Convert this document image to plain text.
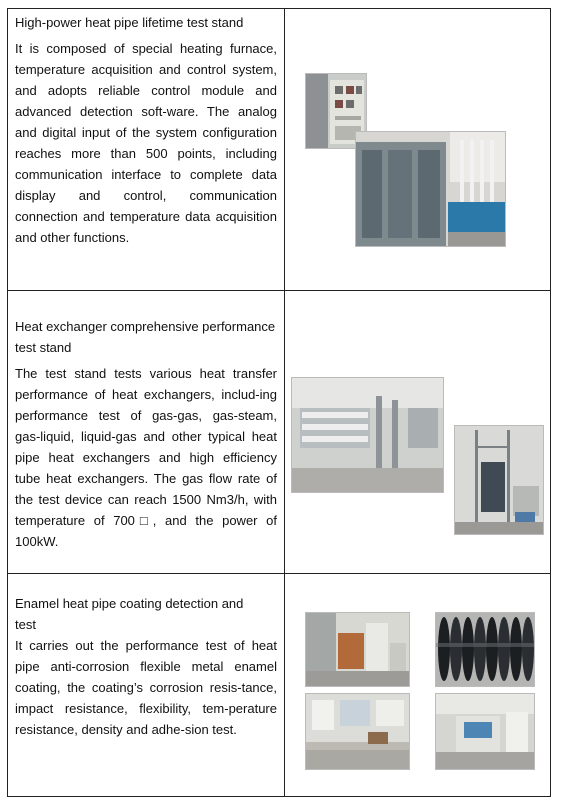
High-power heat pipe lifetime test stand

It is composed of special heating furnace, temperature acquisition and control system, and adopts reliable control module and advanced detection soft-ware. The analog and digital input of the system configuration reaches more than 500 points, including communication interface to complete data display and control, communication connection and temperature data acquisition and other functions.

Heat exchanger comprehensive performance test stand

The test stand tests various heat transfer performance of heat exchangers, includ-ing performance test of gas-gas, gas-steam, gas-liquid, liquid-gas and other typical heat pipe heat exchangers and high efficiency tube heat exchangers. The gas flow rate of the test device can reach 1500 Nm3/h, with temperature of 700□, and the power of 100kW.

Enamel heat pipe coating detection and test

It carries out the performance test of heat pipe anti-corrosion flexible metal enamel coating, the coating’s corrosion resis-tance, impact resistance, flexibility, tem-perature resistance, density and adhe-sion test.
